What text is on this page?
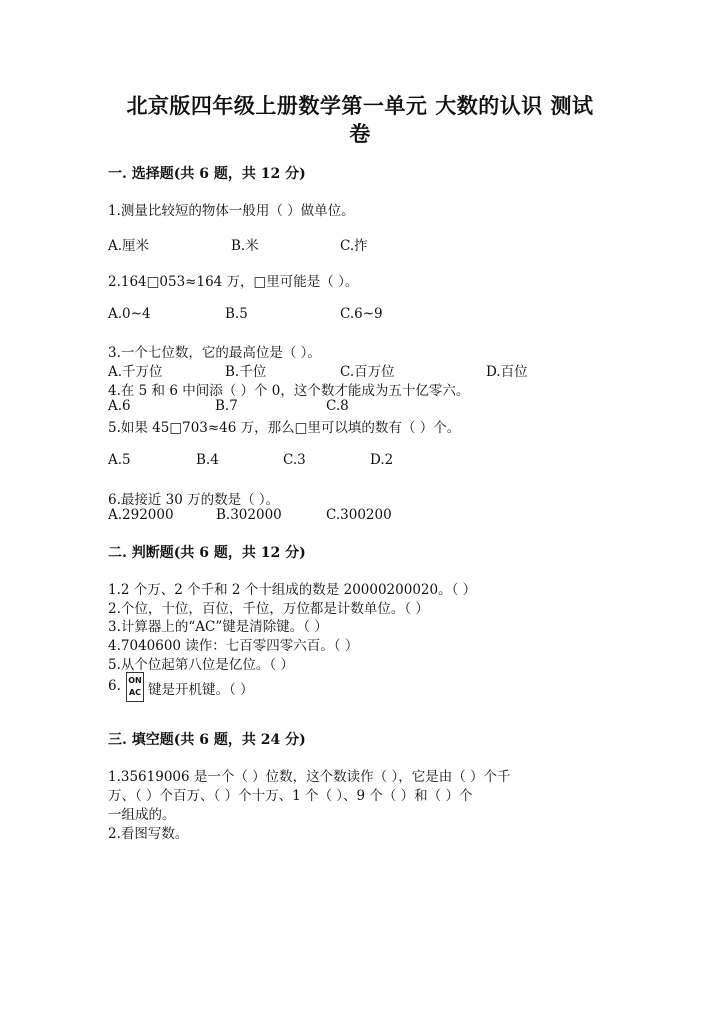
北京版四年级上册数学第一单元 大数的认识 测试
卷
一. 选择题(共 6 题，共 12 分)
1.测量比较短的物体一般用（ ）做单位。
A.厘米	B.米	C.拃
2.164□053≈164 万，□里可能是（ ）。
A.0~4	B.5	C.6~9
3.一个七位数，它的最高位是（ ）。
A.千万位	B.千位	C.百万位	D.百位
4.在 5 和 6 中间添（ ）个 0，这个数才能成为五十亿零六。
A.6	B.7	C.8
5.如果 45□703≈46 万，那么□里可以填的数有（ ）个。
A.5	B.4	C.3	D.2
6.最接近 30 万的数是（ ）。
A.292000	B.302000	C.300200
二. 判断题(共 6 题，共 12 分)
1.2 个万、2 个千和 2 个十组成的数是 20000200020。（ ）
2.个位，十位，百位，千位，万位都是计数单位。（ ）
3.计算器上的“AC”键是清除键。（ ）
4.7040600 读作：七百零四零六百。（ ）
5.从个位起第八位是亿位。（ ）
6. ON
AC 键是开机键。（ ）
三. 填空题(共 6 题，共 24 分)
1.35619006 是一个（ ）位数，这个数读作（ ），它是由（ ）个千
万、（ ）个百万、（ ）个十万、1 个（ ）、9 个（ ）和（ ）个
一组成的。
2.看图写数。
